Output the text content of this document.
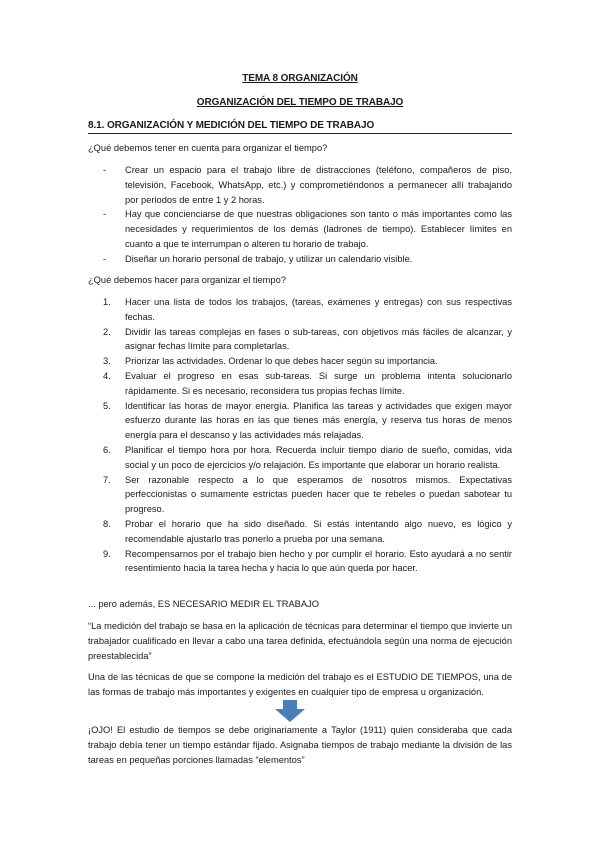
TEMA 8 ORGANIZACIÓN
ORGANIZACIÓN DEL TIEMPO DE TRABAJO
8.1. ORGANIZACIÓN Y MEDICIÓN DEL TIEMPO DE TRABAJO
¿Qué debemos tener en cuenta para organizar el tiempo?
- Crear un espacio para el trabajo libre de distracciones (teléfono, compañeros de piso, televisión, Facebook, WhatsApp, etc.) y comprometiéndonos a permanecer allí trabajando por periodos de entre 1 y 2 horas.
- Hay que concienciarse de que nuestras obligaciones son tanto o más importantes como las necesidades y requerimientos de los demás (ladrones de tiempo). Establecer límites en cuanto a que te interrumpan o alteren tu horario de trabajo.
- Diseñar un horario personal de trabajo, y utilizar un calendario visible.
¿Qué debemos hacer para organizar el tiempo?
1. Hacer una lista de todos los trabajos, (tareas, exámenes y entregas) con sus respectivas fechas.
2. Dividir las tareas complejas en fases o sub-tareas, con objetivos más fáciles de alcanzar, y asignar fechas límite para completarlas.
3. Priorizar las actividades. Ordenar lo que debes hacer según su importancia.
4. Evaluar el progreso en esas sub-tareas. Si surge un problema intenta solucionarlo rápidamente. Si es necesario, reconsidera tus propias fechas límite.
5. Identificar las horas de mayor energía. Planifica las tareas y actividades que exigen mayor esfuerzo durante las horas en las que tienes más energía, y reserva tus horas de menos energía para el descanso y las actividades más relajadas.
6. Planificar el tiempo hora por hora. Recuerda incluir tiempo diario de sueño, comidas, vida social y un poco de ejercicios y/o relajación. Es importante que elaborar un horario realista.
7. Ser razonable respecto a lo que esperamos de nosotros mismos. Expectativas perfeccionistas o sumamente estrictas pueden hacer que te rebeles o puedan sabotear tu progreso.
8. Probar el horario que ha sido diseñado. Si estás intentando algo nuevo, es lógico y recomendable ajustarlo tras ponerlo a prueba por una semana.
9. Recompensarnos por el trabajo bien hecho y por cumplir el horario. Esto ayudará a no sentir resentimiento hacia la tarea hecha y hacia lo que aún queda por hacer.
... pero además, ES NECESARIO MEDIR EL TRABAJO
“La medición del trabajo se basa en la aplicación de técnicas para determinar el tiempo que invierte un trabajador cualificado en llevar a cabo una tarea definida, efectuándola según una norma de ejecución preestablecida”
Una de las técnicas de que se compone la medición del trabajo es el ESTUDIO DE TIEMPOS, una de las formas de trabajo más importantes y exigentes en cualquier tipo de empresa u organización.
¡OJO! El estudio de tiempos se debe originariamente a Taylor (1911) quien consideraba que cada trabajo debía tener un tiempo estándar fijado. Asignaba tiempos de trabajo mediante la división de las tareas en pequeñas porciones llamadas “elementos”
